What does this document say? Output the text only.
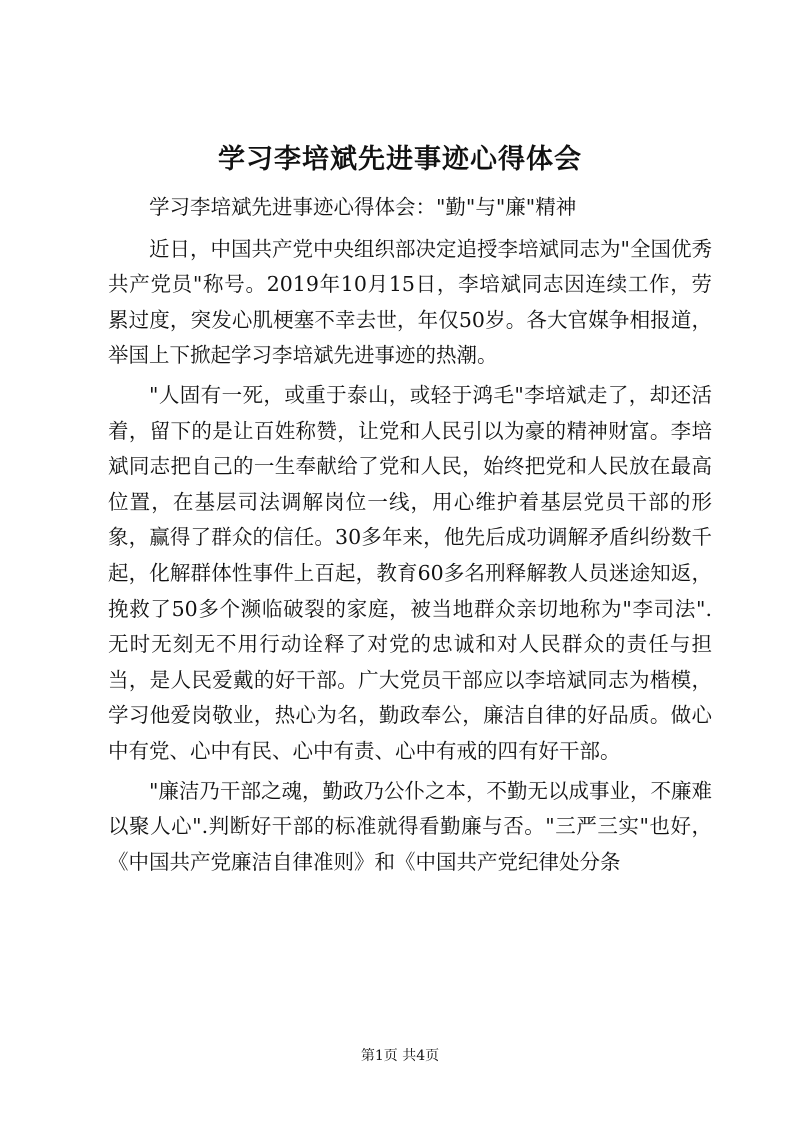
学习李培斌先进事迹心得体会

学习李培斌先进事迹心得体会："勤"与"廉"精神

近日，中国共产党中央组织部决定追授李培斌同志为"全国优秀共产党员"称号。2019年10月15日，李培斌同志因连续工作，劳累过度，突发心肌梗塞不幸去世，年仅50岁。各大官媒争相报道，举国上下掀起学习李培斌先进事迹的热潮。

"人固有一死，或重于泰山，或轻于鸿毛"李培斌走了，却还活着，留下的是让百姓称赞，让党和人民引以为豪的精神财富。李培斌同志把自己的一生奉献给了党和人民，始终把党和人民放在最高位置，在基层司法调解岗位一线，用心维护着基层党员干部的形象，赢得了群众的信任。30多年来，他先后成功调解矛盾纠纷数千起，化解群体性事件上百起，教育60多名刑释解教人员迷途知返，挽救了50多个濒临破裂的家庭，被当地群众亲切地称为"李司法".无时无刻无不用行动诠释了对党的忠诚和对人民群众的责任与担当，是人民爱戴的好干部。广大党员干部应以李培斌同志为楷模，学习他爱岗敬业，热心为名，勤政奉公，廉洁自律的好品质。做心中有党、心中有民、心中有责、心中有戒的四有好干部。

"廉洁乃干部之魂，勤政乃公仆之本，不勤无以成事业，不廉难以聚人心".判断好干部的标准就得看勤廉与否。"三严三实"也好，《中国共产党廉洁自律准则》和《中国共产党纪律处分条

第1页 共4页
